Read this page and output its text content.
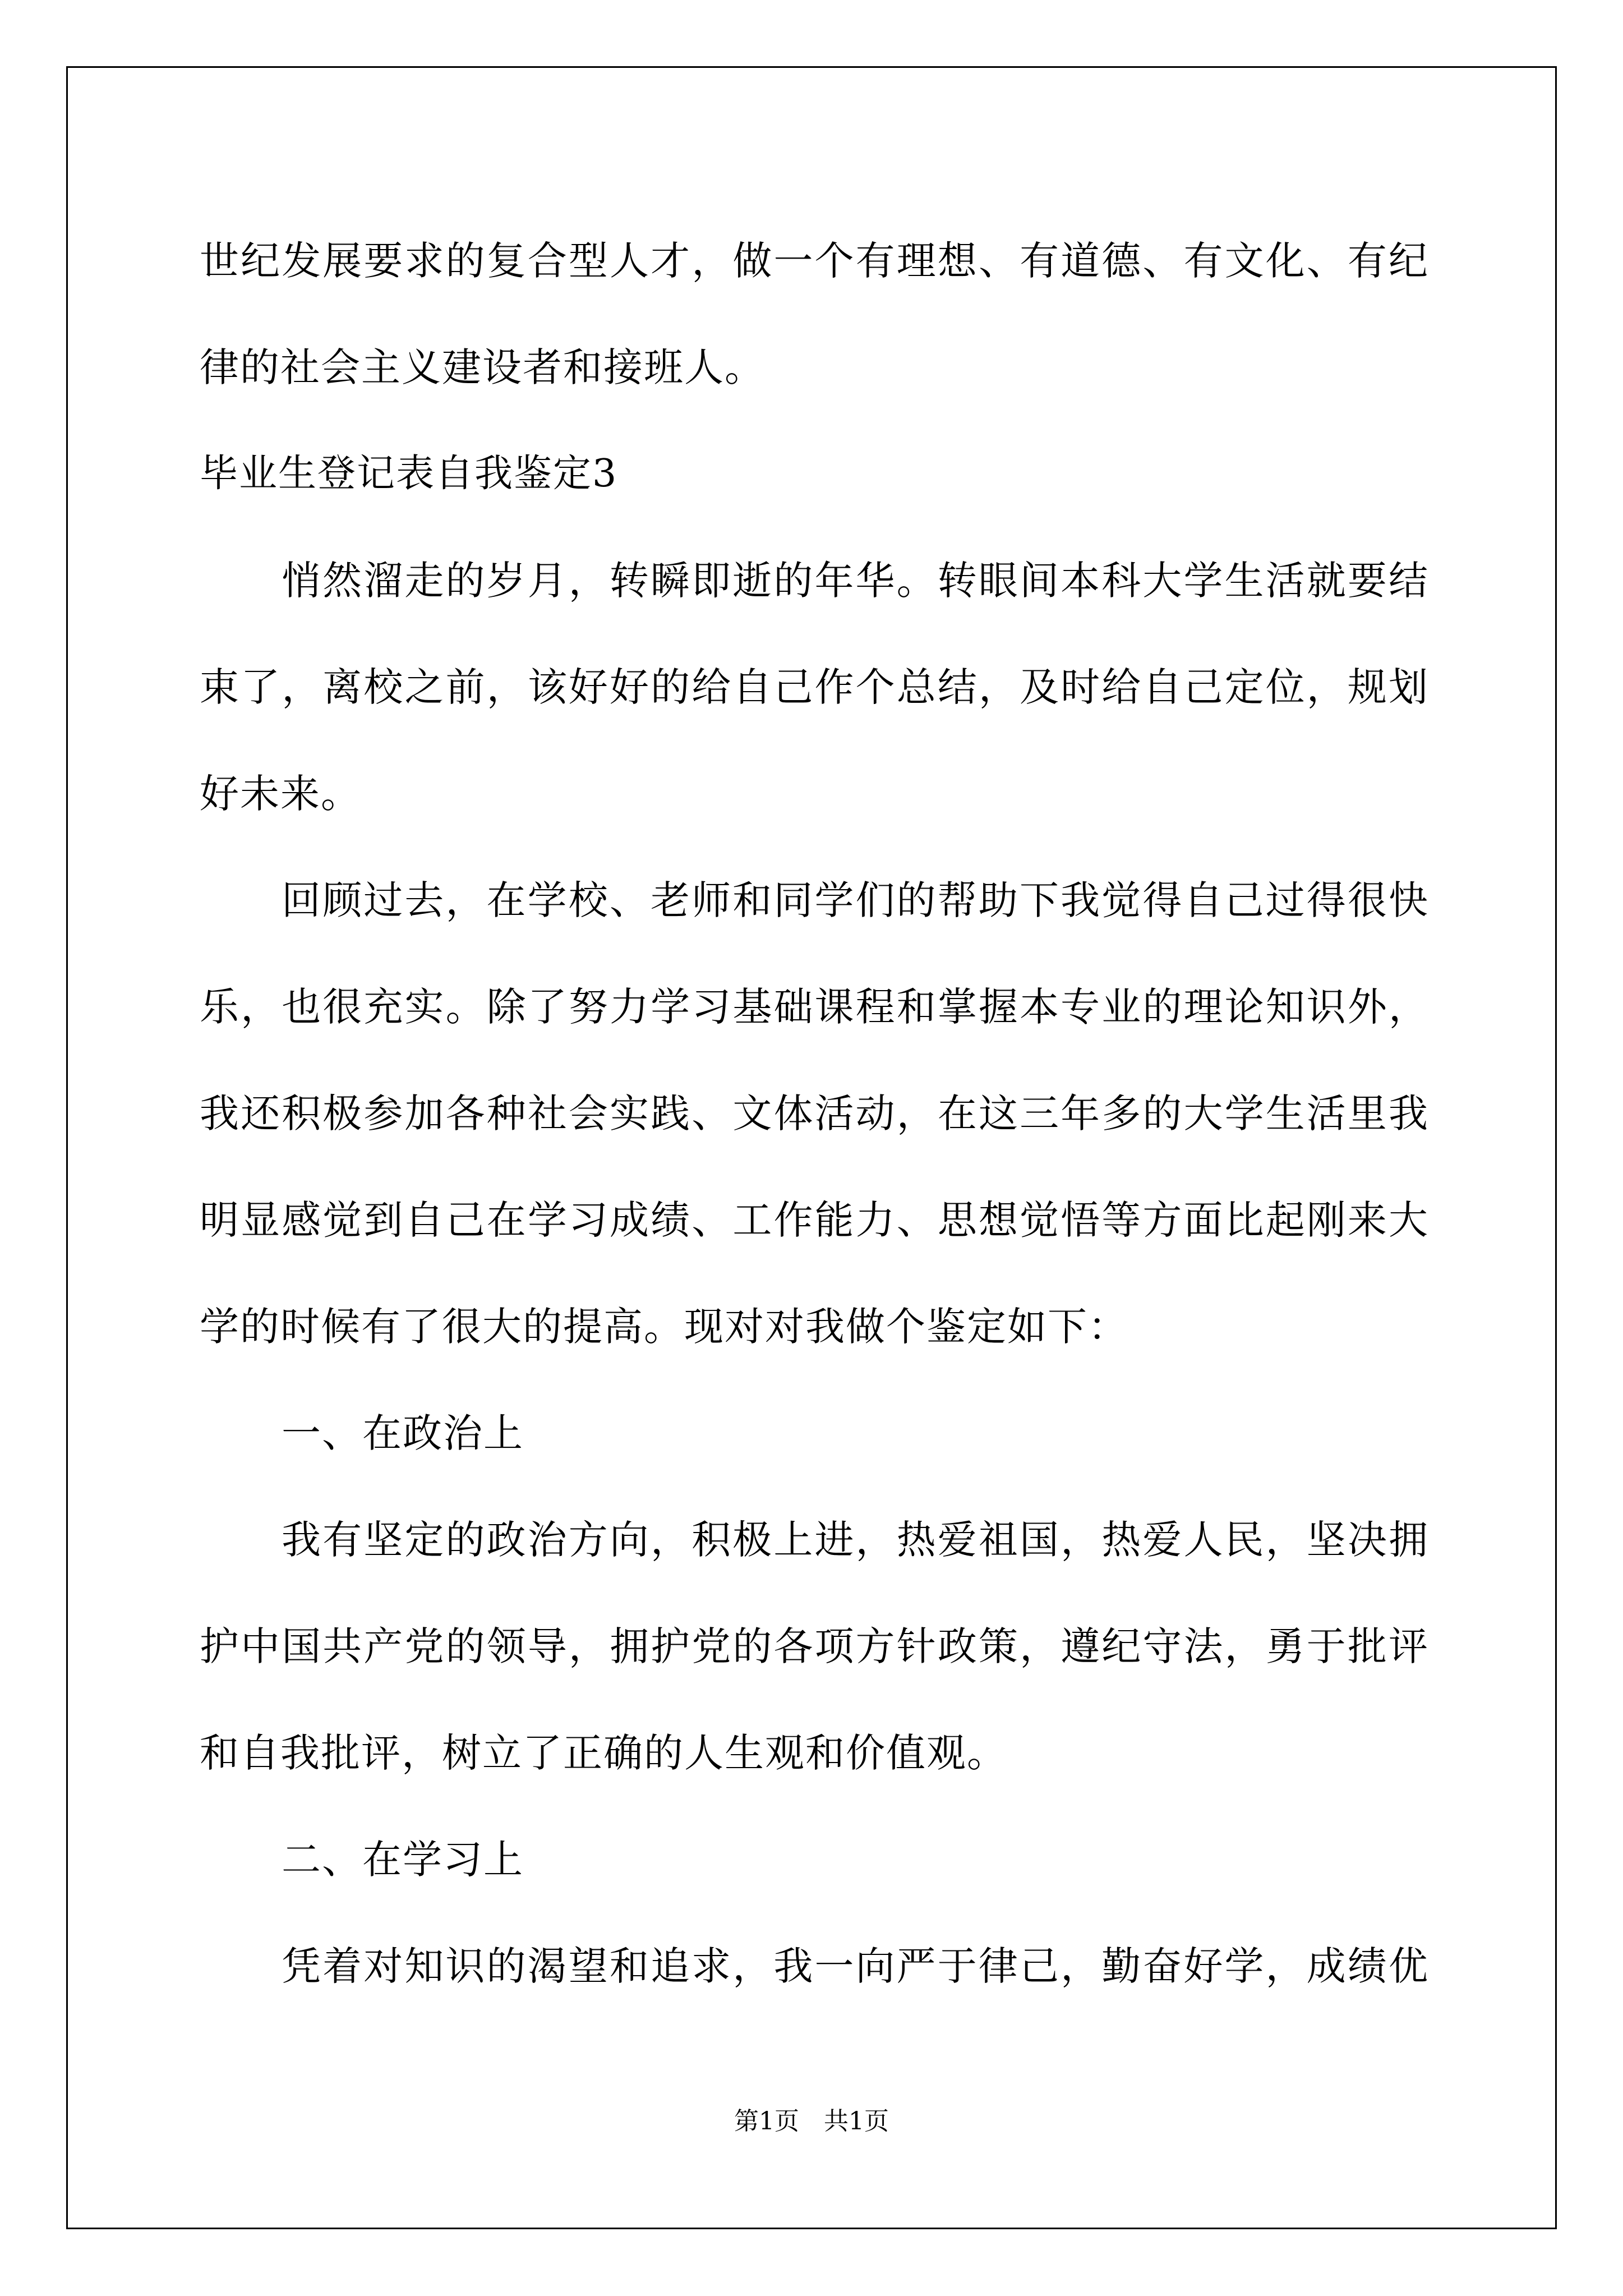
世纪发展要求的复合型人才，做一个有理想、有道德、有文化、有纪
律的社会主义建设者和接班人。
毕业生登记表自我鉴定3
悄然溜走的岁月，转瞬即逝的年华。转眼间本科大学生活就要结
束了，离校之前，该好好的给自己作个总结，及时给自己定位，规划
好未来。
回顾过去，在学校、老师和同学们的帮助下我觉得自己过得很快
乐，也很充实。除了努力学习基础课程和掌握本专业的理论知识外，
我还积极参加各种社会实践、文体活动，在这三年多的大学生活里我
明显感觉到自己在学习成绩、工作能力、思想觉悟等方面比起刚来大
学的时候有了很大的提高。现对对我做个鉴定如下：
一、在政治上
我有坚定的政治方向，积极上进，热爱祖国，热爱人民，坚决拥
护中国共产党的领导，拥护党的各项方针政策，遵纪守法，勇于批评
和自我批评，树立了正确的人生观和价值观。
二、在学习上
凭着对知识的渴望和追求，我一向严于律己，勤奋好学，成绩优
第1页　共1页
